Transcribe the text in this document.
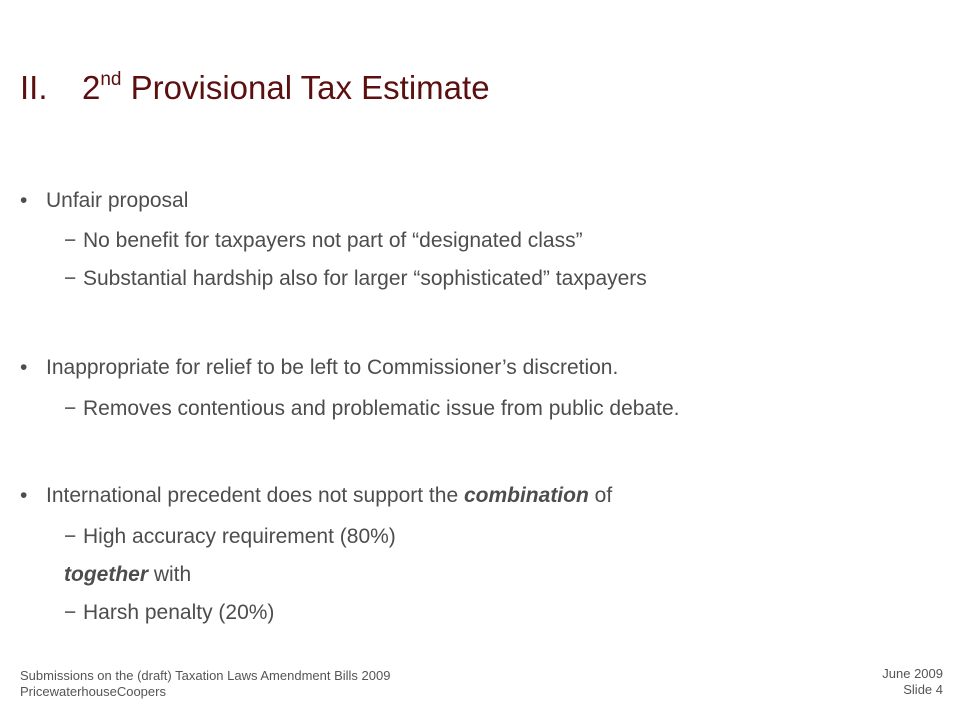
II. 2nd Provisional Tax Estimate
• Unfair proposal
− No benefit for taxpayers not part of “designated class”
− Substantial hardship also for larger “sophisticated” taxpayers
• Inappropriate for relief to be left to Commissioner’s discretion.
− Removes contentious and problematic issue from public debate.
• International precedent does not support the combination of
− High accuracy requirement (80%)
together with
− Harsh penalty (20%)
Submissions on the (draft) Taxation Laws Amendment Bills 2009
PricewaterhouseCoopers
June 2009
Slide 4
